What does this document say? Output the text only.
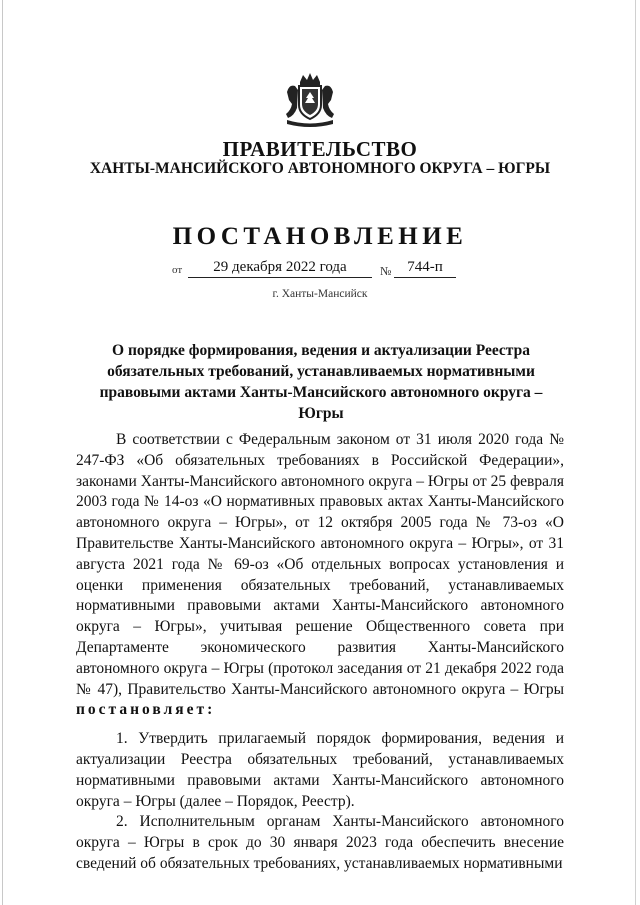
ПРАВИТЕЛЬСТВО
ХАНТЫ-МАНСИЙСКОГО АВТОНОМНОГО ОКРУГА – ЮГРЫ
ПОСТАНОВЛЕНИЕ
от	29 декабря 2022 года	№	744-п
г. Ханты-Мансийск
О порядке формирования, ведения и актуализации Реестра обязательных требований, устанавливаемых нормативными правовыми актами Ханты-Мансийского автономного округа – Югры

В соответствии с Федеральным законом от 31 июля 2020 года № 247-ФЗ «Об обязательных требованиях в Российской Федерации», законами Ханты-Мансийского автономного округа – Югры от 25 февраля 2003 года № 14-оз «О нормативных правовых актах Ханты-Мансийского автономного округа – Югры», от 12 октября 2005 года № 73-оз «О Правительстве Ханты-Мансийского автономного округа – Югры», от 31 августа 2021 года № 69-оз «Об отдельных вопросах установления и оценки применения обязательных требований, устанавливаемых нормативными правовыми актами Ханты-Мансийского автономного округа – Югры», учитывая решение Общественного совета при Департаменте экономического развития Ханты-Мансийского автономного округа – Югры (протокол заседания от 21 декабря 2022 года № 47), Правительство Ханты-Мансийского автономного округа – Югры постановляет:

1. Утвердить прилагаемый порядок формирования, ведения и актуализации Реестра обязательных требований, устанавливаемых нормативными правовыми актами Ханты-Мансийского автономного округа – Югры (далее – Порядок, Реестр).

2. Исполнительным органам Ханты-Мансийского автономного округа – Югры в срок до 30 января 2023 года обеспечить внесение сведений об обязательных требованиях, устанавливаемых нормативными
